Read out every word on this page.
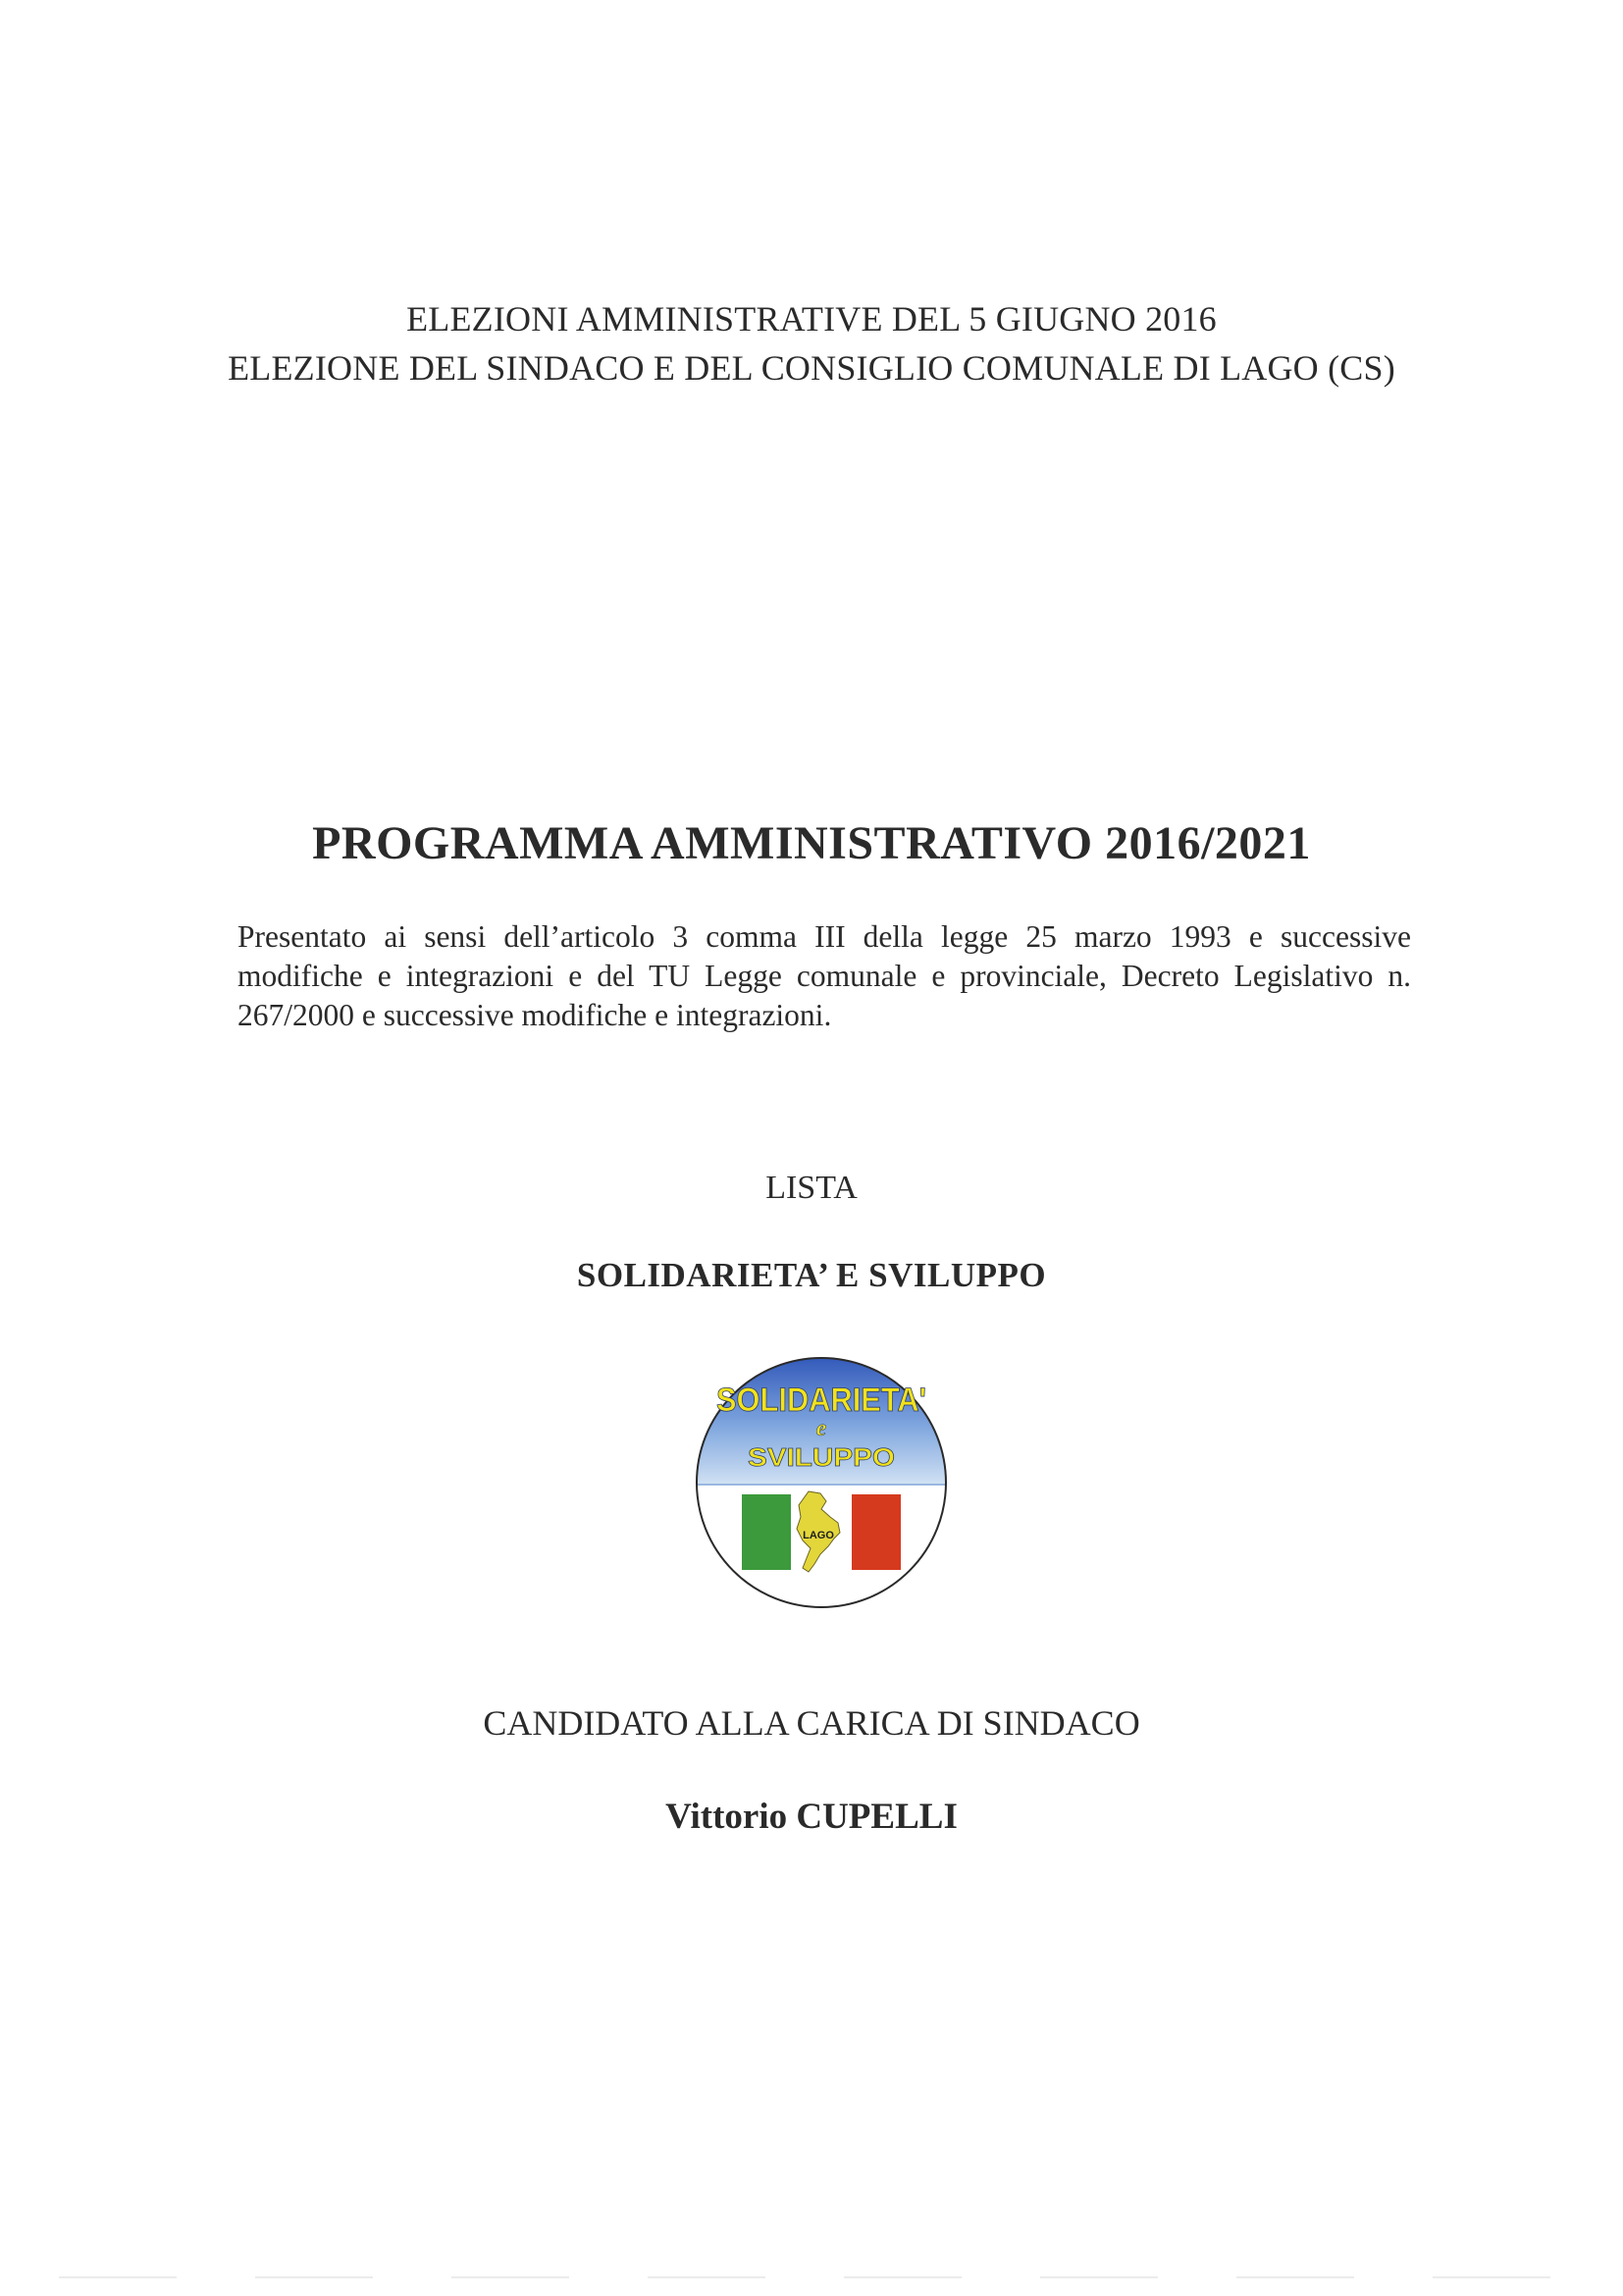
ELEZIONI AMMINISTRATIVE DEL 5 GIUGNO 2016
ELEZIONE DEL SINDACO E DEL CONSIGLIO COMUNALE DI LAGO (CS)
PROGRAMMA AMMINISTRATIVO 2016/2021
Presentato ai sensi dell’articolo 3 comma III della legge 25 marzo 1993 e successive modifiche e integrazioni e del TU Legge comunale e provinciale, Decreto Legislativo n. 267/2000 e successive modifiche e integrazioni.
LISTA
SOLIDARIETA’ E SVILUPPO
SOLIDARIETA'
e
SVILUPPO
LAGO
CANDIDATO ALLA CARICA DI SINDACO
Vittorio CUPELLI
